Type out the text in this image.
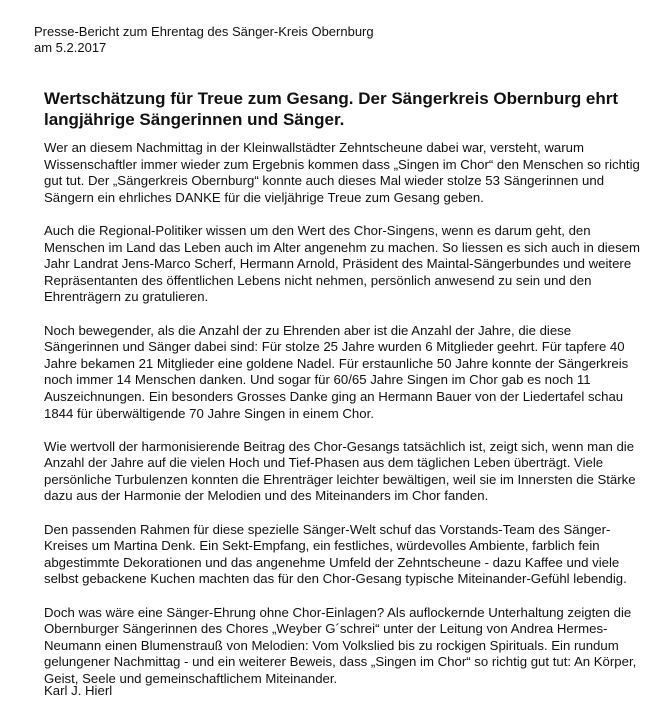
Presse-Bericht zum Ehrentag des Sänger-Kreis Obernburg
am 5.2.2017
Wertschätzung für Treue zum Gesang. Der Sängerkreis Obernburg ehrt langjährige Sängerinnen und Sänger.

Wer an diesem Nachmittag in der Kleinwallstädter Zehntscheune dabei war, versteht, warum Wissenschaftler immer wieder zum Ergebnis kommen dass „Singen im Chor“ den Menschen so richtig gut tut. Der „Sängerkreis Obernburg“ konnte auch dieses Mal wieder stolze 53 Sängerinnen und Sängern ein ehrliches DANKE für die vieljährige Treue zum Gesang geben.

Auch die Regional-Politiker wissen um den Wert des Chor-Singens, wenn es darum geht, den Menschen im Land das Leben auch im Alter angenehm zu machen. So liessen es sich auch in diesem Jahr Landrat Jens-Marco Scherf, Hermann Arnold, Präsident des Maintal-Sängerbundes und weitere Repräsentanten des öffentlichen Lebens nicht nehmen, persönlich anwesend zu sein und den Ehrenträgern zu gratulieren.

Noch bewegender, als die Anzahl der zu Ehrenden aber ist die Anzahl der Jahre, die diese Sängerinnen und Sänger dabei sind: Für stolze 25 Jahre wurden 6 Mitglieder geehrt. Für tapfere 40 Jahre bekamen 21 Mitglieder eine goldene Nadel. Für erstaunliche 50 Jahre konnte der Sängerkreis noch immer 14 Menschen danken. Und sogar für 60/65 Jahre Singen im Chor gab es noch 11 Auszeichnungen. Ein besonders Grosses Danke ging an Hermann Bauer von der Liedertafel schau 1844 für überwältigende 70 Jahre Singen in einem Chor.

Wie wertvoll der harmonisierende Beitrag des Chor-Gesangs tatsächlich ist, zeigt sich, wenn man die Anzahl der Jahre auf die vielen Hoch und Tief-Phasen aus dem täglichen Leben überträgt. Viele persönliche Turbulenzen konnten die Ehrenträger leichter bewältigen, weil sie im Innersten die Stärke dazu aus der Harmonie der Melodien und des Miteinanders im Chor fanden.

Den passenden Rahmen für diese spezielle Sänger-Welt schuf das Vorstands-Team des Sänger-Kreises um Martina Denk. Ein Sekt-Empfang, ein festliches, würdevolles Ambiente, farblich fein abgestimmte Dekorationen und das angenehme Umfeld der Zehntscheune - dazu Kaffee und viele selbst gebackene Kuchen machten das für den Chor-Gesang typische Miteinander-Gefühl lebendig.

Doch was wäre eine Sänger-Ehrung ohne Chor-Einlagen? Als auflockernde Unterhaltung zeigten die Obernburger Sängerinnen des Chores „Weyber G´schrei“ unter der Leitung von Andrea Hermes-Neumann einen Blumenstrauß von Melodien: Vom Volkslied bis zu rockigen Spirituals. Ein rundum gelungener Nachmittag - und ein weiterer Beweis, dass „Singen im Chor“ so richtig gut tut: An Körper, Geist, Seele und gemeinschaftlichem Miteinander.

Karl J. Hierl
